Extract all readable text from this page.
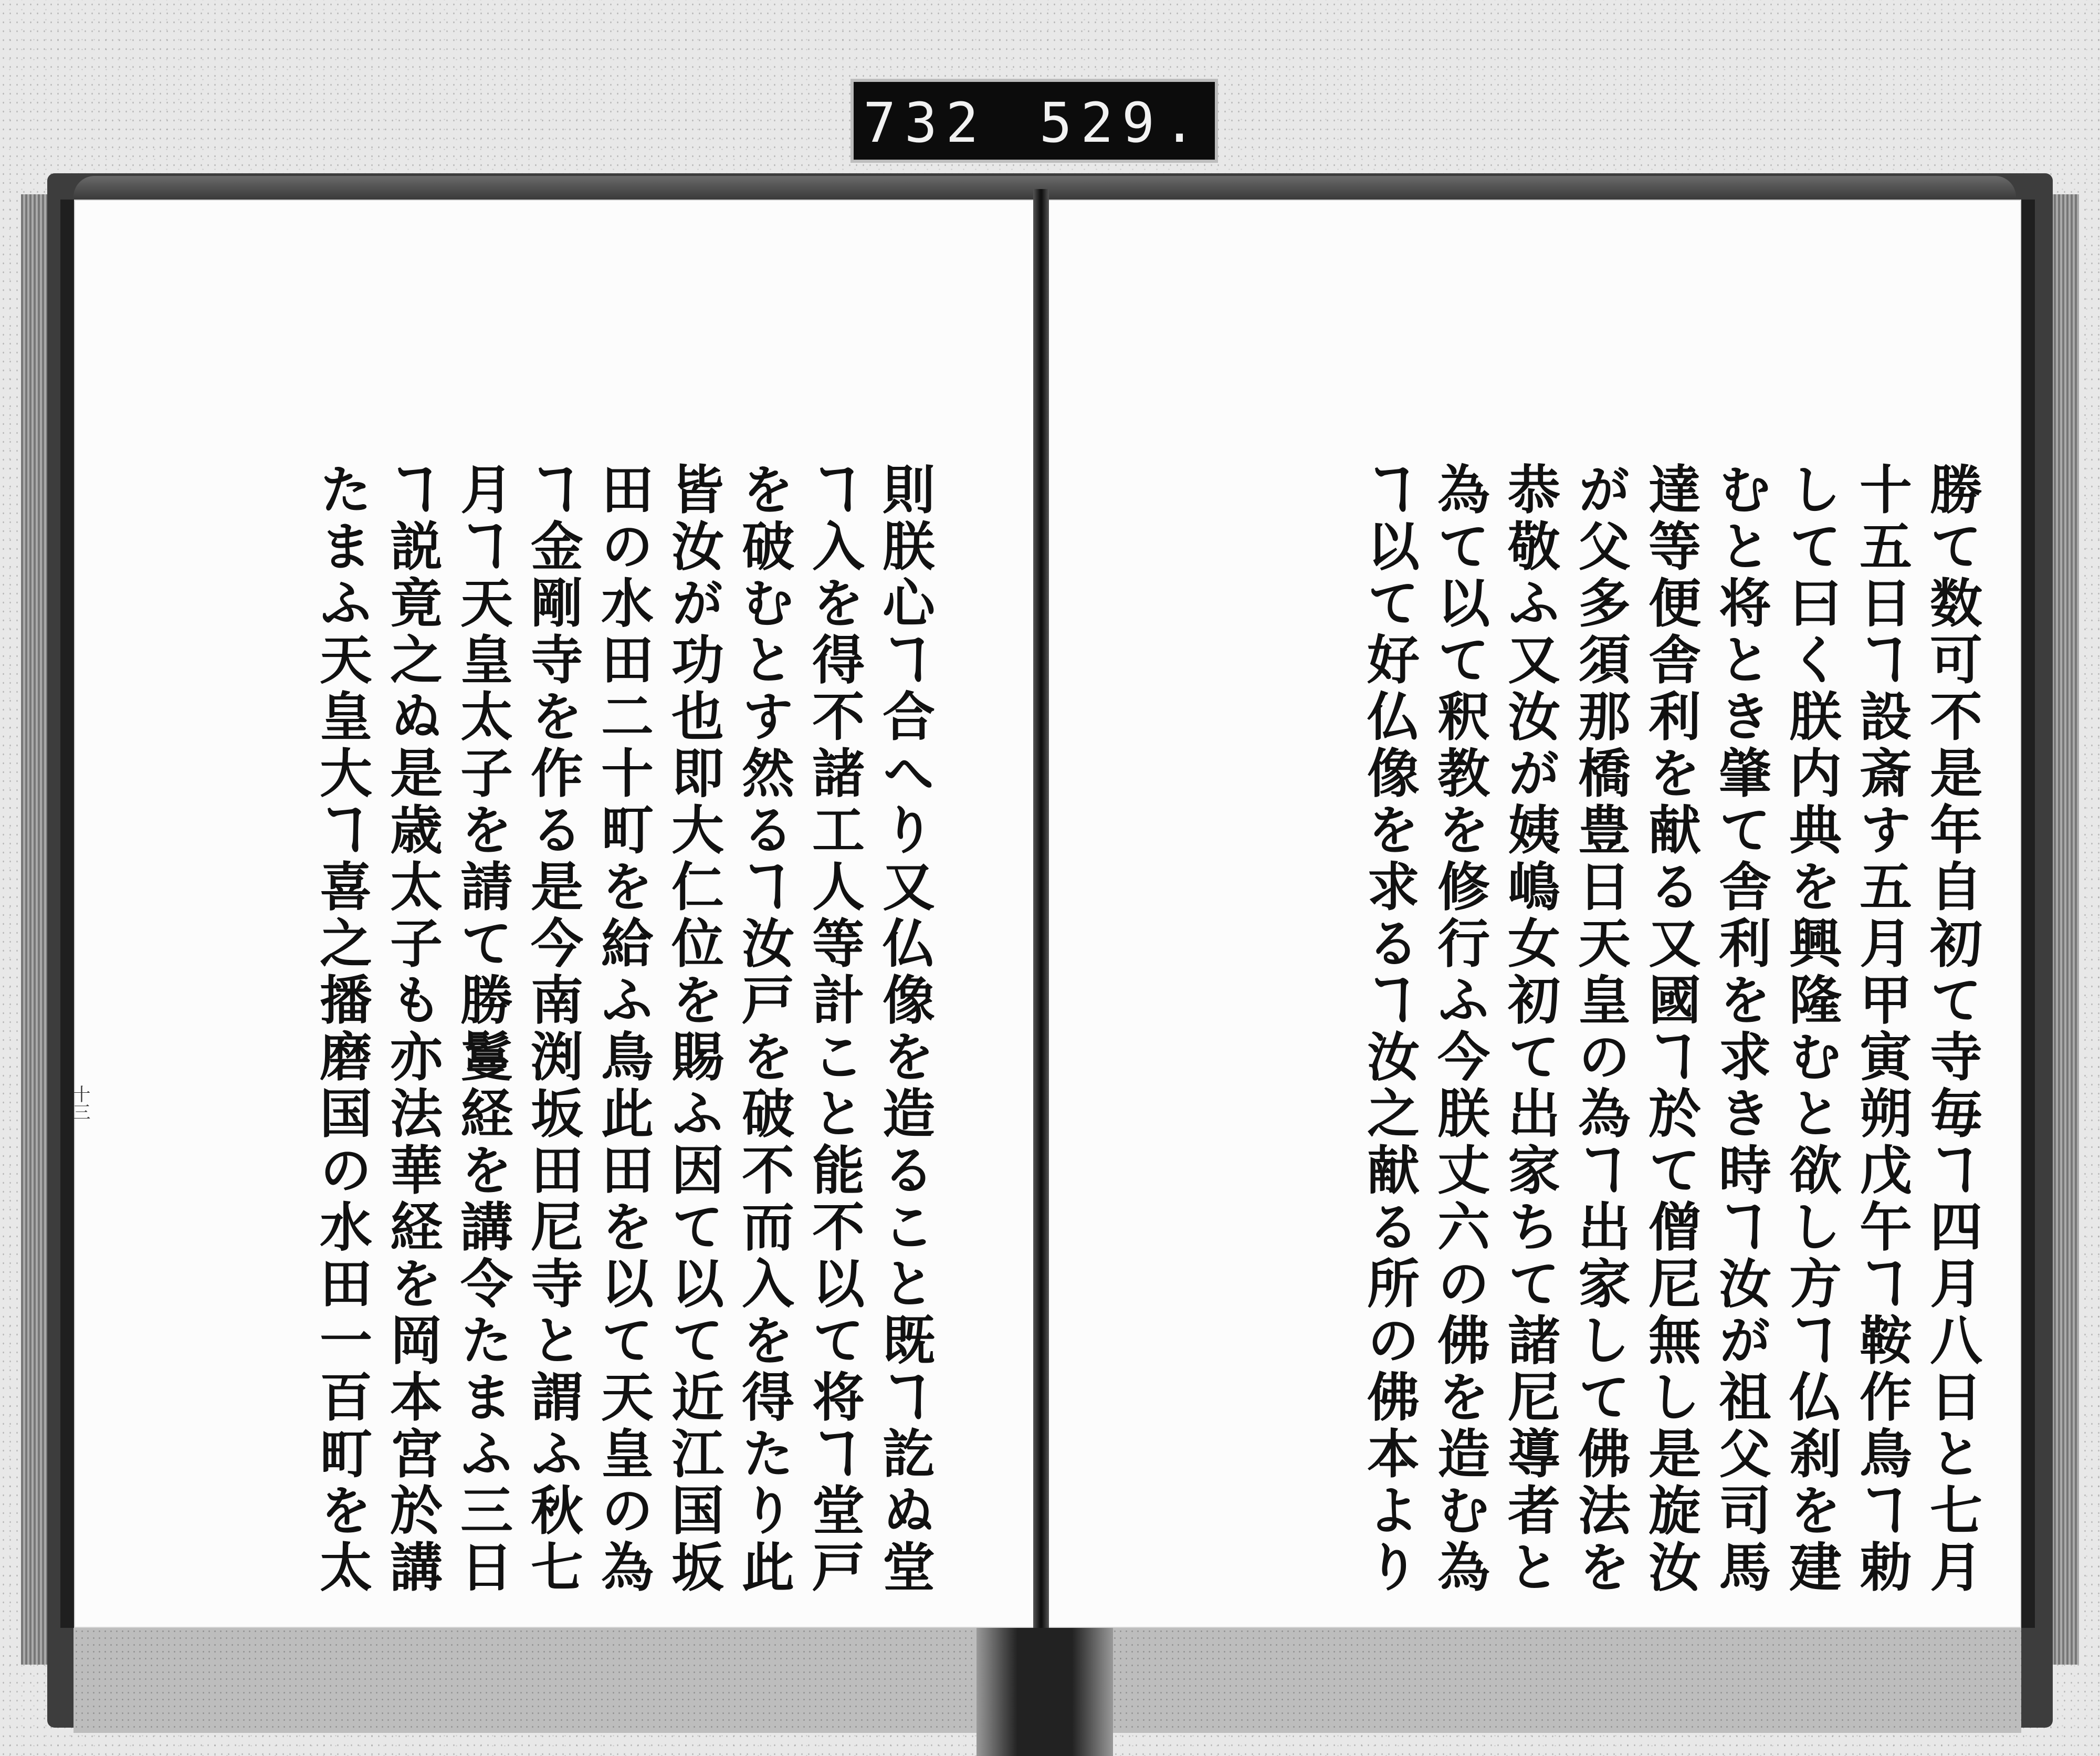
732 529.
勝て数可不是年自初て寺毎ヿ四月八日と七月
十五日ヿ設斎す五月甲寅朔戊午ヿ鞍作鳥ヿ勅
して曰く朕内典を興隆むと欲し方ヿ仏刹を建
むと将とき肇て舎利を求き時ヿ汝が祖父司馬
達等便舎利を献る又國ヿ於て僧尼無し是旋汝
が父多須那橋豊日天皇の為ヿ出家して佛法を
恭敬ふ又汝が姨嶋女初て出家ちて諸尼導者と
為て以て釈教を修行ふ今朕丈六の佛を造む為
ヿ以て好仏像を求るヿ汝之献る所の佛本より
則朕心ヿ合へり又仏像を造ること既ヿ訖ぬ堂
ヿ入を得不諸工人等計こと能不以て将ヿ堂戸
を破むとす然るヿ汝戸を破不而入を得たり此
皆汝が功也即大仁位を賜ふ因て以て近江国坂
田の水田二十町を給ふ鳥此田を以て天皇の為
ヿ金剛寺を作る是今南渕坂田尼寺と謂ふ秋七
月ヿ天皇太子を請て勝鬘経を講令たまふ三日
ヿ説竟之ぬ是歳太子も亦法華経を岡本宮於講
たまふ天皇大ヿ喜之播磨国の水田一百町を太
十三
